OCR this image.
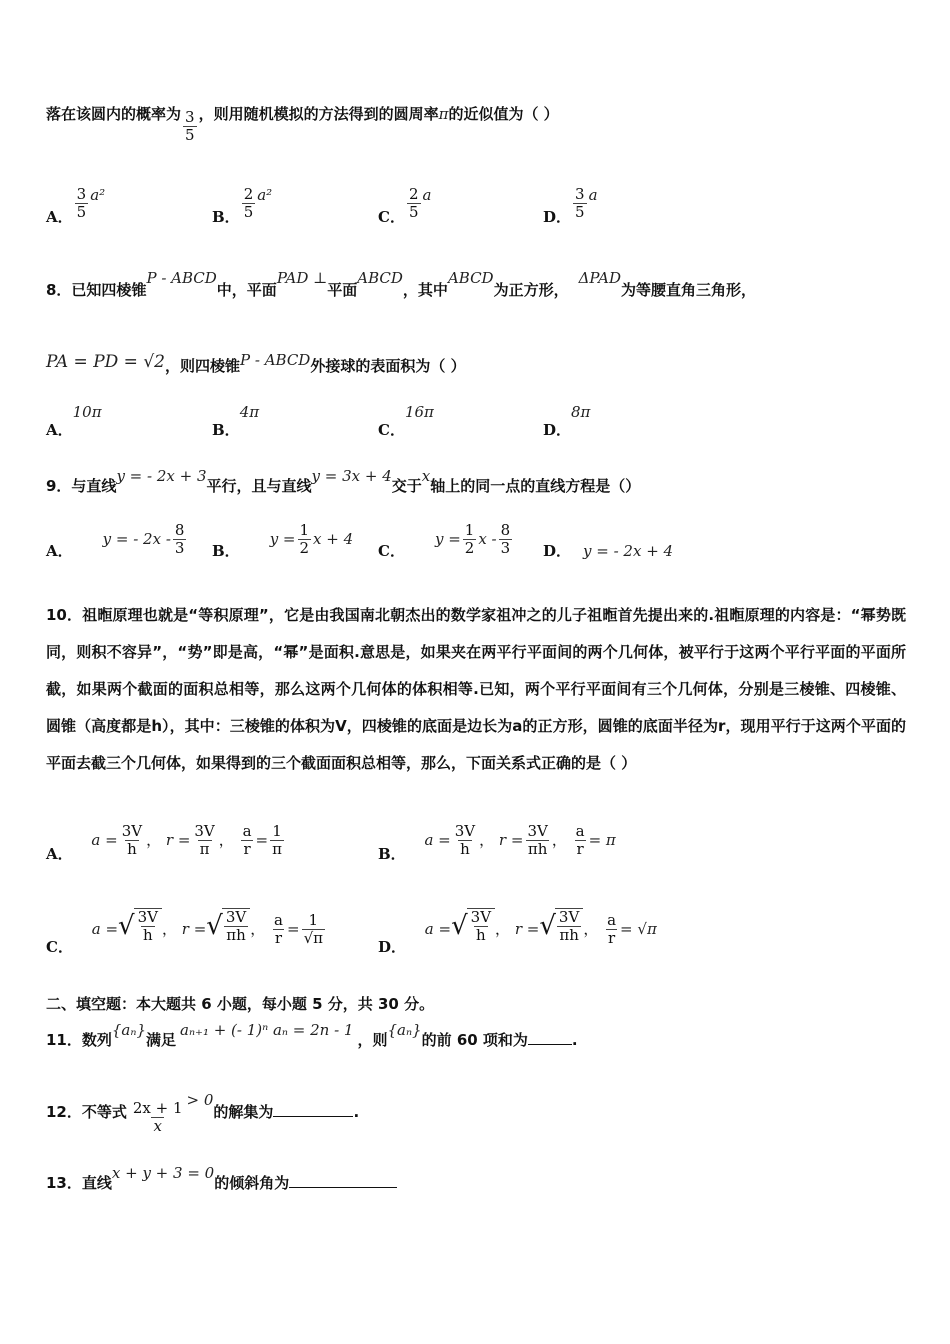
落在该圆内的概率为 $\frac{3}{5}$ ，则用随机模拟的方法得到的圆周率π的近似值为（ ）
A． $\frac{3}{5} a^2$
B． $\frac{2}{5} a^2$
C． $\frac{2}{5}$ a
D． $\frac{3}{5}$ a
8．已知四棱锥P - ABCD中，平面PAD ⊥平面ABCD，其中ABCD为正方形，ΔPAD为等腰直角三角形，
PA = PD = √2，则四棱锥P - ABCD外接球的表面积为（ ）
A．10π
B．4π
C．16π
D．8π
9．与直线y = - 2x + 3平行，且与直线y = 3x + 4交于x轴上的同一点的直线方程是（）
A．y = - $2x - \frac{8}{3}$ B．$y = \frac{1}{2}$ x + 4
C．$y = \frac{1}{2}$ x - $\frac{8}{3}$ D． y = - 2x + 4
10．祖暅原理也就是“等积原理”，它是由我国南北朝杰出的数学家祖冲之的儿子祖暅首先提出来的.祖暅原理的内容是：“幂势既同，则积不容异”，“势”即是高，“幂”是面积.意思是，如果夹在两平行平面间的两个几何体，被平行于这两个平行平面的平面所截，如果两个截面的面积总相等，那么这两个几何体的体积相等.已知，两个平行平面间有三个几何体，分别是三棱锥、四棱锥、圆锥（高度都是h），其中：三棱锥的体积为V，四棱锥的底面是边长为a的正方形，圆锥的底面半径为r，现用平行于这两个平面的平面去截三个几何体，如果得到的三个截面面积总相等，那么，下面关系式正确的是（ ）
A． $a = \frac{3V}{h}$ ， $r = \frac{3V}{\pi}$ ， $\frac{a}{r} = \frac{1}{\pi}$	B． $a = \frac{3V}{h}$ ， $r = \frac{3V}{\pi h}$ ， $\frac{a}{r} = \pi$
C． a = √ $\frac{3V}{h}$ ， r = √ $\frac{3V}{\pi h}$ ， $\frac{a}{r} = \frac{1}{√\pi}$	D． a = √ $\frac{3V}{h}$ ， r = √ $\frac{3V}{\pi h}$ ， $\frac{a}{r} = √\pi$
二、填空题：本大题共 6 小题，每小题 5 分，共 30 分。
11．数列{aₙ}满足aₙ₊₁ + (- 1)ⁿ aₙ = 2n - 1，则{aₙ}的前 60 项和为	.
12．不等式 $\frac{2x + 1}{x} > 0$的解集为	.
13．直线x + y + 3 = 0的倾斜角为
